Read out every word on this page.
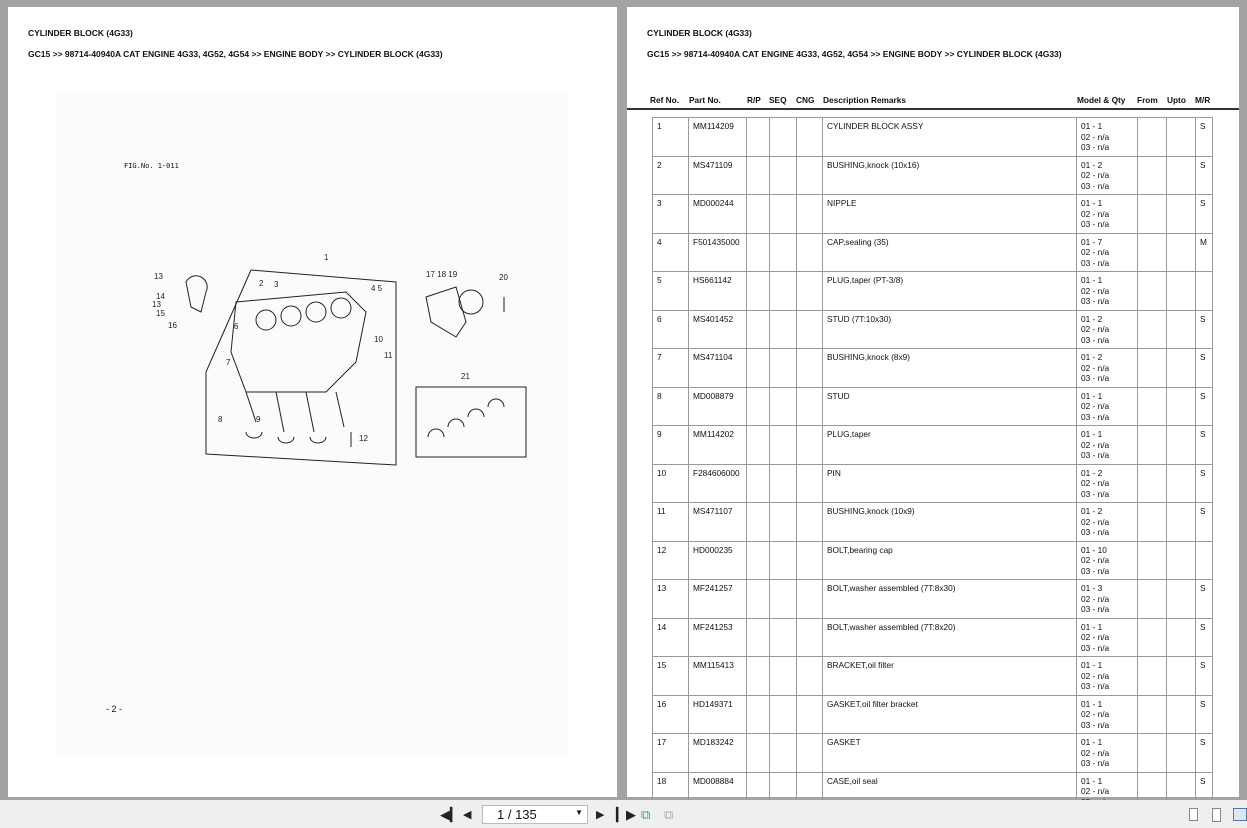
CYLINDER BLOCK (4G33)
GC15 >> 98714-40940A CAT ENGINE 4G33, 4G52, 4G54 >> ENGINE BODY >> CYLINDER BLOCK (4G33)
FIG.No. 1-011
- 2 -
1
2 3	4 5
6
7
8	9
10
11
12
13
14
13
15
16
17 18 19	20
21
CYLINDER BLOCK (4G33)
GC15 >> 98714-40940A CAT ENGINE 4G33, 4G52, 4G54 >> ENGINE BODY >> CYLINDER BLOCK (4G33)
Ref No. Part No.	R/P SEQ CNG Description Remarks	Model & Qty From Upto M/R
1	MM114209				CYLINDER BLOCK ASSY	01 - 1
02 - n/a
03 - n/a			S
2	MS471109				BUSHING,knock (10x16)	01 - 2
02 - n/a
03 - n/a			S
3	MD000244				NIPPLE	01 - 1
02 - n/a
03 - n/a			S
4	F501435000				CAP,sealing (35)	01 - 7
02 - n/a
03 - n/a			M
5	HS661142				PLUG,taper (PT-3/8)	01 - 1
02 - n/a
03 - n/a			

6	MS401452				STUD (7T:10x30)	01 - 2
02 - n/a
03 - n/a			S
7	MS471104				BUSHING,knock (8x9)	01 - 2
02 - n/a
03 - n/a			S
8	MD008879				STUD	01 - 1
02 - n/a
03 - n/a			S
9	MM114202				PLUG,taper	01 - 1
02 - n/a
03 - n/a			S
10	F284606000				PIN	01 - 2
02 - n/a
03 - n/a			S
11	MS471107				BUSHING,knock (10x9)	01 - 2
02 - n/a
03 - n/a			S
12	HD000235				BOLT,bearing cap	01 - 10
02 - n/a
03 - n/a			

13	MF241257				BOLT,washer assembled (7T:8x30)	01 - 3
02 - n/a
03 - n/a			S
14	MF241253				BOLT,washer assembled (7T:8x20)	01 - 1
02 - n/a
03 - n/a			S
15	MM115413				BRACKET,oil filter	01 - 1
02 - n/a
03 - n/a			S
16	HD149371				GASKET,oil filter bracket	01 - 1
02 - n/a
03 - n/a			S
17	MD183242				GASKET	01 - 1
02 - n/a
03 - n/a			S
18	MD008884				CASE,oil seal	01 - 1
02 - n/a			S
◀▎ ◀	1 / 135	▼ ▶ ▎▶ ⧉ ⧉
